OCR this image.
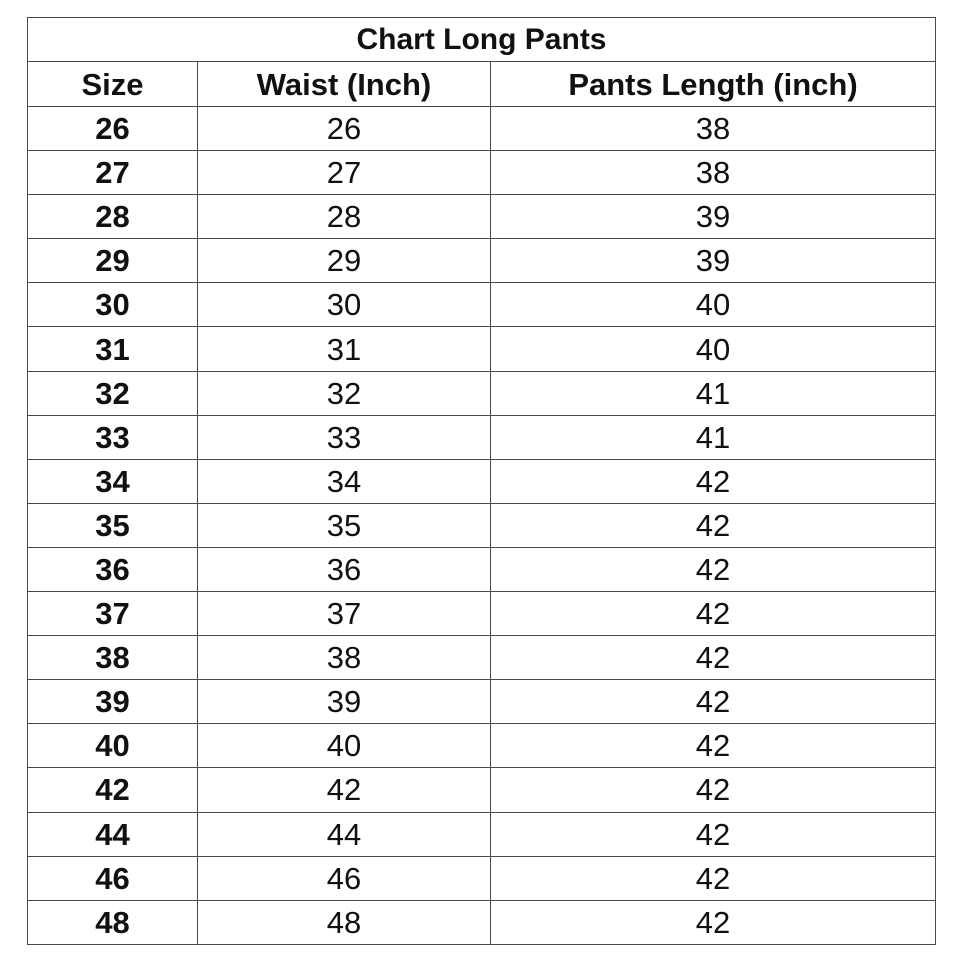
Chart Long Pants		
Size	Waist (Inch)	Pants Length (inch)
26	26	38
27	27	38
28	28	39
29	29	39
30	30	40
31	31	40
32	32	41
33	33	41
34	34	42
35	35	42
36	36	42
37	37	42
38	38	42
39	39	42
40	40	42
42	42	42
44	44	42
46	46	42
48	48	42
